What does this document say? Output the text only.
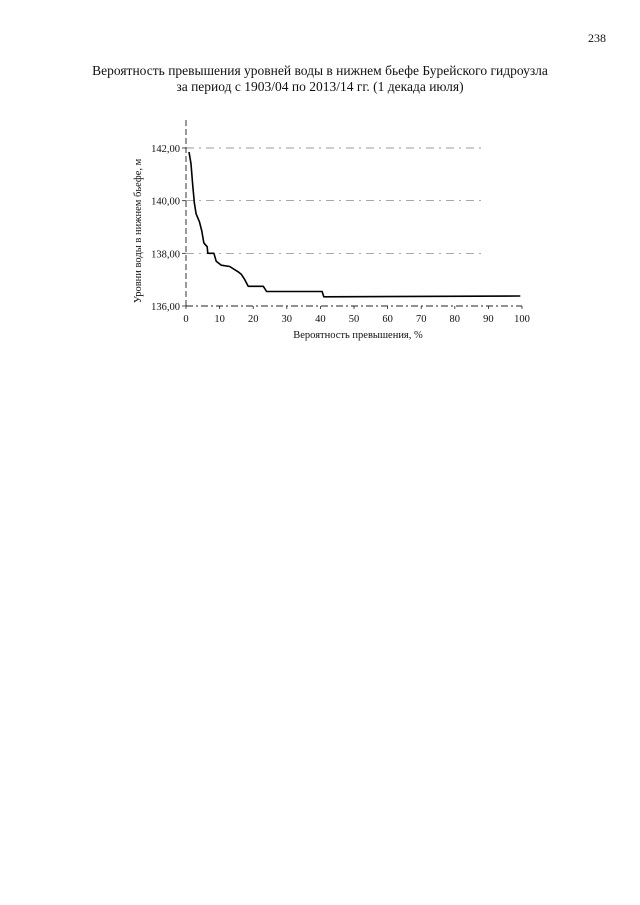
238
Вероятность превышения уровней воды в нижнем бьефе Бурейского гидроузла
за период с 1903/04 по 2013/14 гг. (1 декада июля)
136,00
138,00
140,00
142,00
0 10 20 30 40 50 60 70 80 90 100
Вероятность превышения, %
Уровни воды в нижнем бьефе, м
